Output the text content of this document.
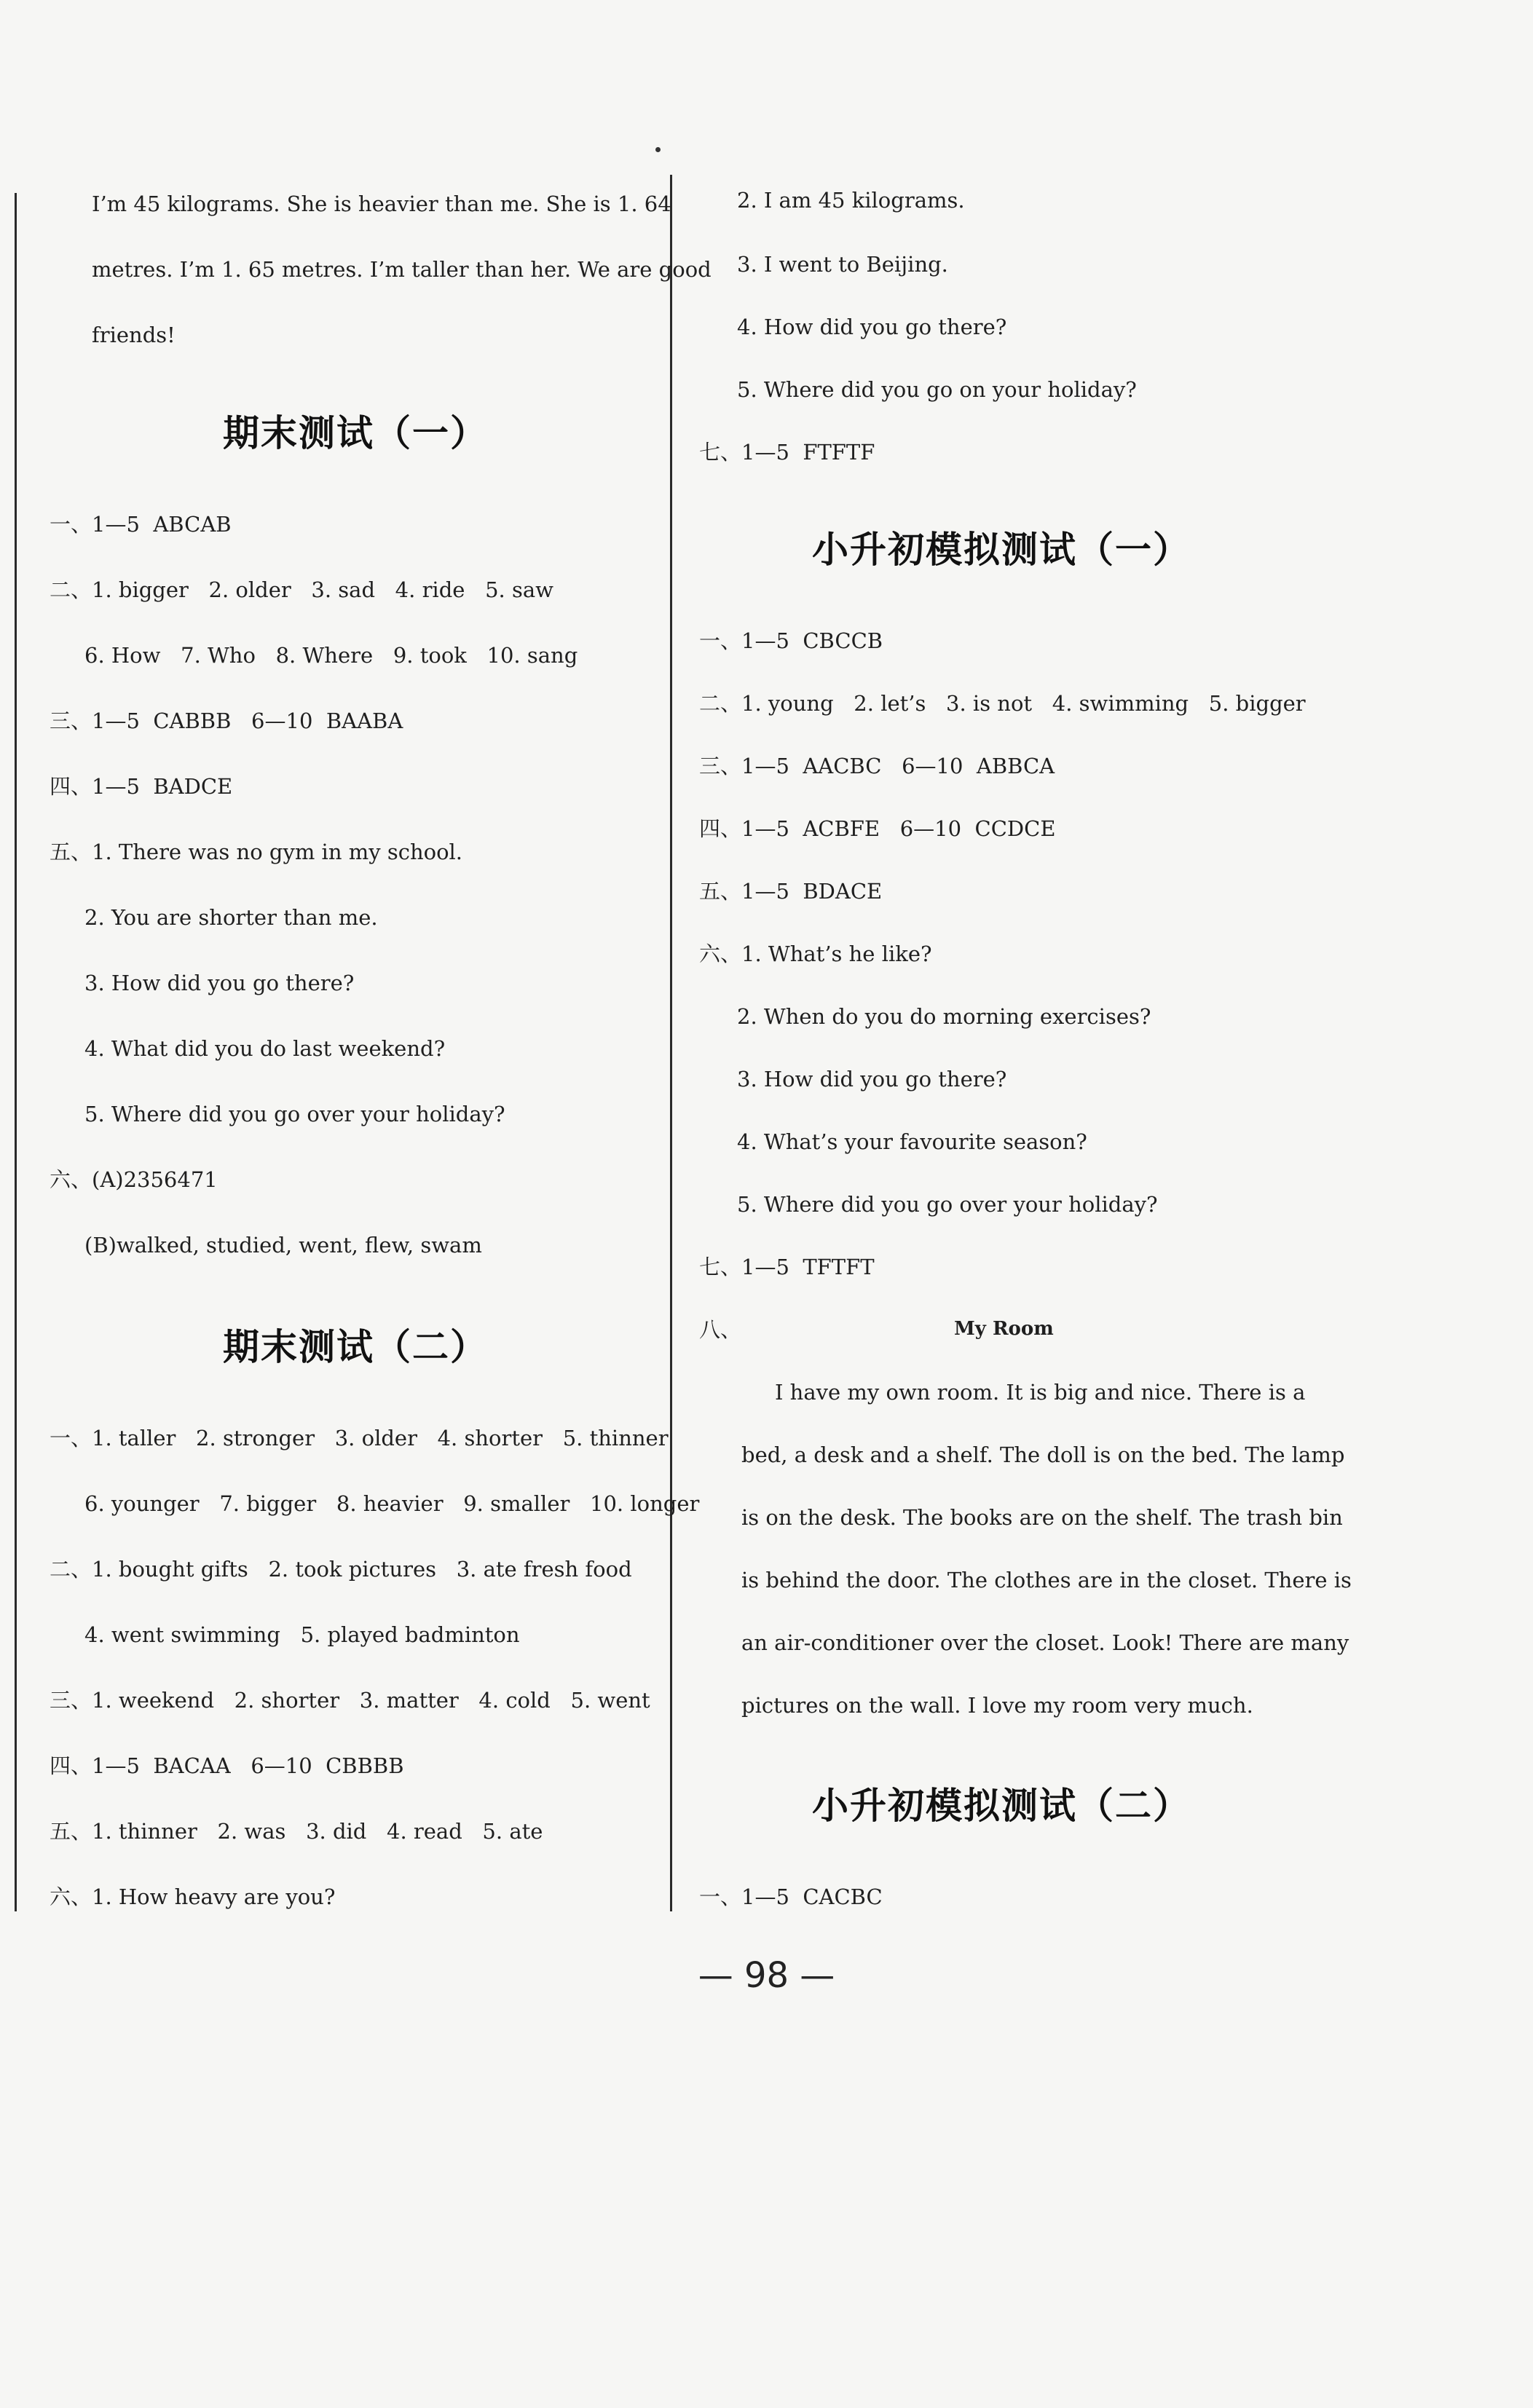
I’m 45 kilograms. She is heavier than me. She is 1. 64
metres. I’m 1. 65 metres. I’m taller than her. We are good
friends!
期末测试（一）
一、1—5  ABCAB
二、1. bigger   2. older   3. sad   4. ride   5. saw
6. How   7. Who   8. Where   9. took   10. sang
三、1—5  CABBB   6—10  BAABA
四、1—5  BADCE
五、1. There was no gym in my school.
2. You are shorter than me.
3. How did you go there?
4. What did you do last weekend?
5. Where did you go over your holiday?
六、(A)2356471
(B)walked, studied, went, flew, swam
期末测试（二）
一、1. taller   2. stronger   3. older   4. shorter   5. thinner
6. younger   7. bigger   8. heavier   9. smaller   10. longer
二、1. bought gifts   2. took pictures   3. ate fresh food
4. went swimming   5. played badminton
三、1. weekend   2. shorter   3. matter   4. cold   5. went
四、1—5  BACAA   6—10  CBBBB
五、1. thinner   2. was   3. did   4. read   5. ate
六、1. How heavy are you?
2. I am 45 kilograms.
3. I went to Beijing.
4. How did you go there?
5. Where did you go on your holiday?
七、1—5  FTFTF
小升初模拟测试（一）
一、1—5  CBCCB
二、1. young   2. let’s   3. is not   4. swimming   5. bigger
三、1—5  AACBC   6—10  ABBCA
四、1—5  ACBFE   6—10  CCDCE
五、1—5  BDACE
六、1. What’s he like?
2. When do you do morning exercises?
3. How did you go there?
4. What’s your favourite season?
5. Where did you go over your holiday?
七、1—5  TFTFT
八、	My Room
I have my own room. It is big and nice. There is a
bed, a desk and a shelf. The doll is on the bed. The lamp
is on the desk. The books are on the shelf. The trash bin
is behind the door. The clothes are in the closet. There is
an air-conditioner over the closet. Look! There are many
pictures on the wall. I love my room very much.
小升初模拟测试（二）
一、1—5  CACBC
— 98 —
